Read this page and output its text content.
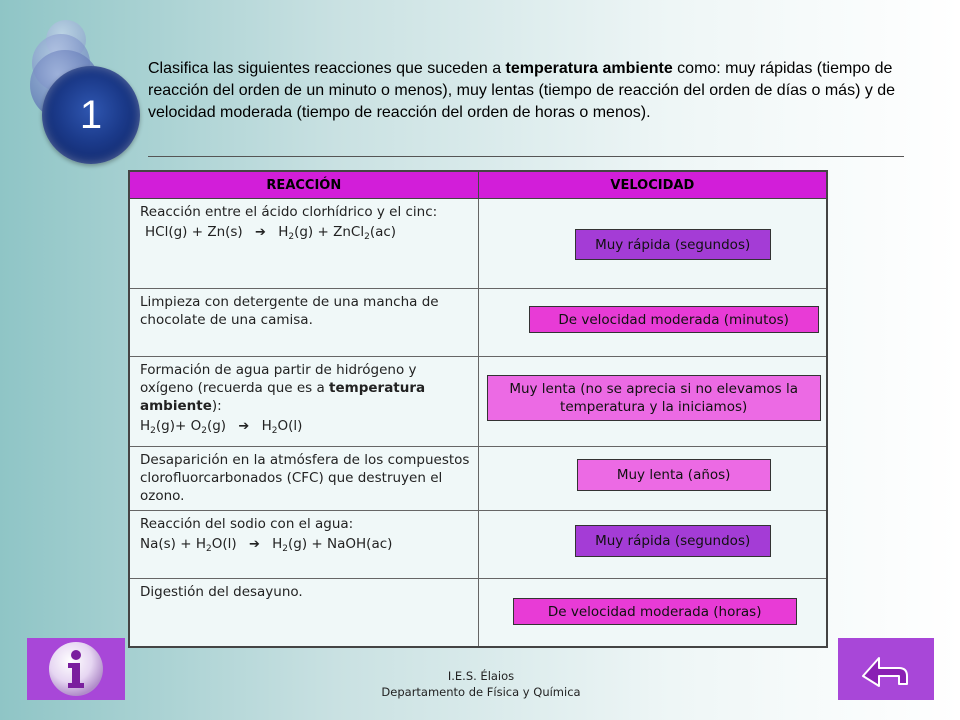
1
Clasifica las siguientes reacciones que suceden a temperatura ambiente como: muy rápidas (tiempo de reacción del orden de un minuto o menos), muy lentas (tiempo de reacción del orden de días o más) y de velocidad moderada (tiempo de reacción del orden de horas o menos).
REACCIÓN	VELOCIDAD

Reacción entre el ácido clorhídrico y el cinc:
HCl(g) + Zn(s) ➔ $H_2(g)$ + ZnCl$_2$(ac)	Muy rápida (segundos)

Limpieza con detergente de una mancha de chocolate de una camisa.	De velocidad moderada (minutos)

Formación de agua partir de hidrógeno y oxígeno (recuerda que es a temperatura ambiente):
$H_2(g)+ O_2(g)$ ➔ $H_2O(l)$	Muy lenta (no se aprecia si no elevamos la temperatura y la iniciamos)

Desaparición en la atmósfera de los compuestos clorofluorcarbonados (CFC) que destruyen el ozono.	Muy lenta (años)

Reacción del sodio con el agua:
$Na(s) + H_2O(l)$ ➔ $H_2(g)$ + NaOH(ac)	Muy rápida (segundos)

Digestión del desayuno.	De velocidad moderada (horas)
I.E.S. Élaios
Departamento de Física y Química
